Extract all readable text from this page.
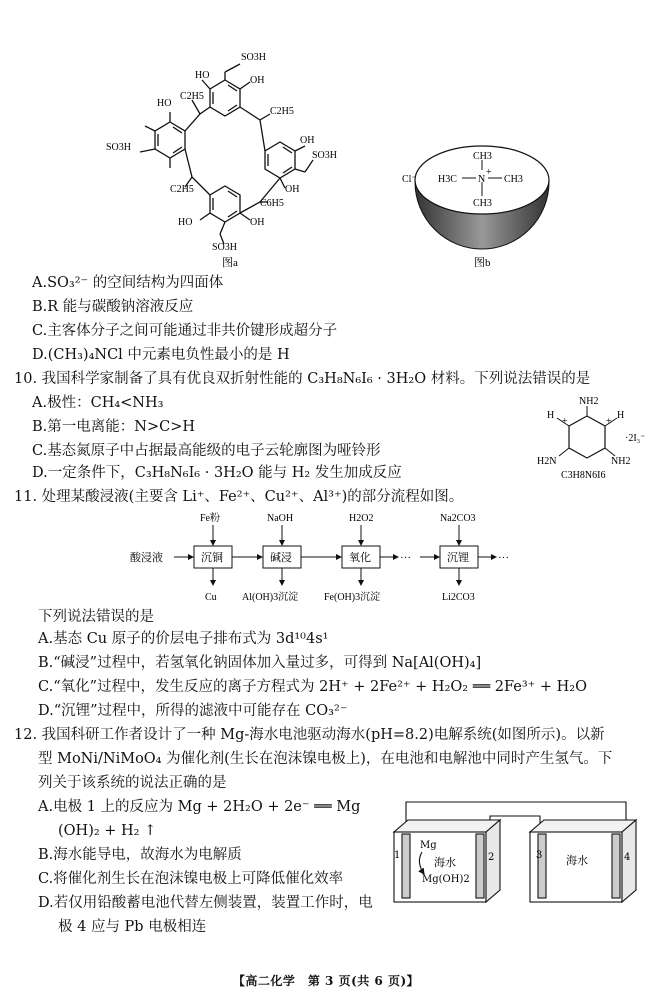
SO3H
HO	OH
C2H5
C2H5
HO
SO3H
OH
SO3H
OH
C2H5
C6H5
HO	OH
SO3H
图a
Cl⁻
CH3
H3C N
+
CH3
CH3
图b
A.SO₃²⁻ 的空间结构为四面体
B.R 能与碳酸钠溶液反应
C.主客体分子之间可能通过非共价键形成超分子
D.(CH₃)₄NCl 中元素电负性最小的是 H
10. 我国科学家制备了具有优良双折射性能的 C₃H₈N₆I₆ · 3H₂O 材料。下列说法错误的是
A.极性：CH₄<NH₃
B.第一电离能：N>C>H
C.基态氮原子中占据最高能级的电子云轮廓图为哑铃形
D.一定条件下，C₃H₈N₆I₆ · 3H₂O 能与 H₂ 发生加成反应
NH2
H
+
H
+
·2I₃⁻
H2N	NH2
C3H8N6I6
11. 处理某酸浸液(主要含 Li⁺、Fe²⁺、Cu²⁺、Al³⁺)的部分流程如图。
酸浸液	沉铜	碱浸	氧化	沉锂
···	···
Fe粉	NaOH	H2O2	Na2CO3
Cu	Al(OH)3沉淀	Fe(OH)3沉淀	Li2CO3
下列说法错误的是
A.基态 Cu 原子的价层电子排布式为 3d¹⁰4s¹
B.“碱浸”过程中，若氢氧化钠固体加入量过多，可得到 Na[Al(OH)₄]
C.“氧化”过程中，发生反应的离子方程式为 2H⁺ + 2Fe²⁺ + H₂O₂ ══ 2Fe³⁺ + H₂O
D.“沉锂”过程中，所得的滤液中可能存在 CO₃²⁻
12. 我国科研工作者设计了一种 Mg-海水电池驱动海水(pH=8.2)电解系统(如图所示)。以新
型 MoNi/NiMoO₄ 为催化剂(生长在泡沫镍电极上)，在电池和电解池中同时产生氢气。下
列关于该系统的说法正确的是
A.电极 1 上的反应为 Mg + 2H₂O + 2e⁻ ══ Mg
(OH)₂ + H₂ ↑
B.海水能导电，故海水为电解质
C.将催化剂生长在泡沫镍电极上可降低催化效率
D.若仅用铅酸蓄电池代替左侧装置，装置工作时，电
极 4 应与 Pb 电极相连
1	2	3	4
Mg
海水
Mg(OH)2
海水
【高二化学　第 3 页(共 6 页)】
